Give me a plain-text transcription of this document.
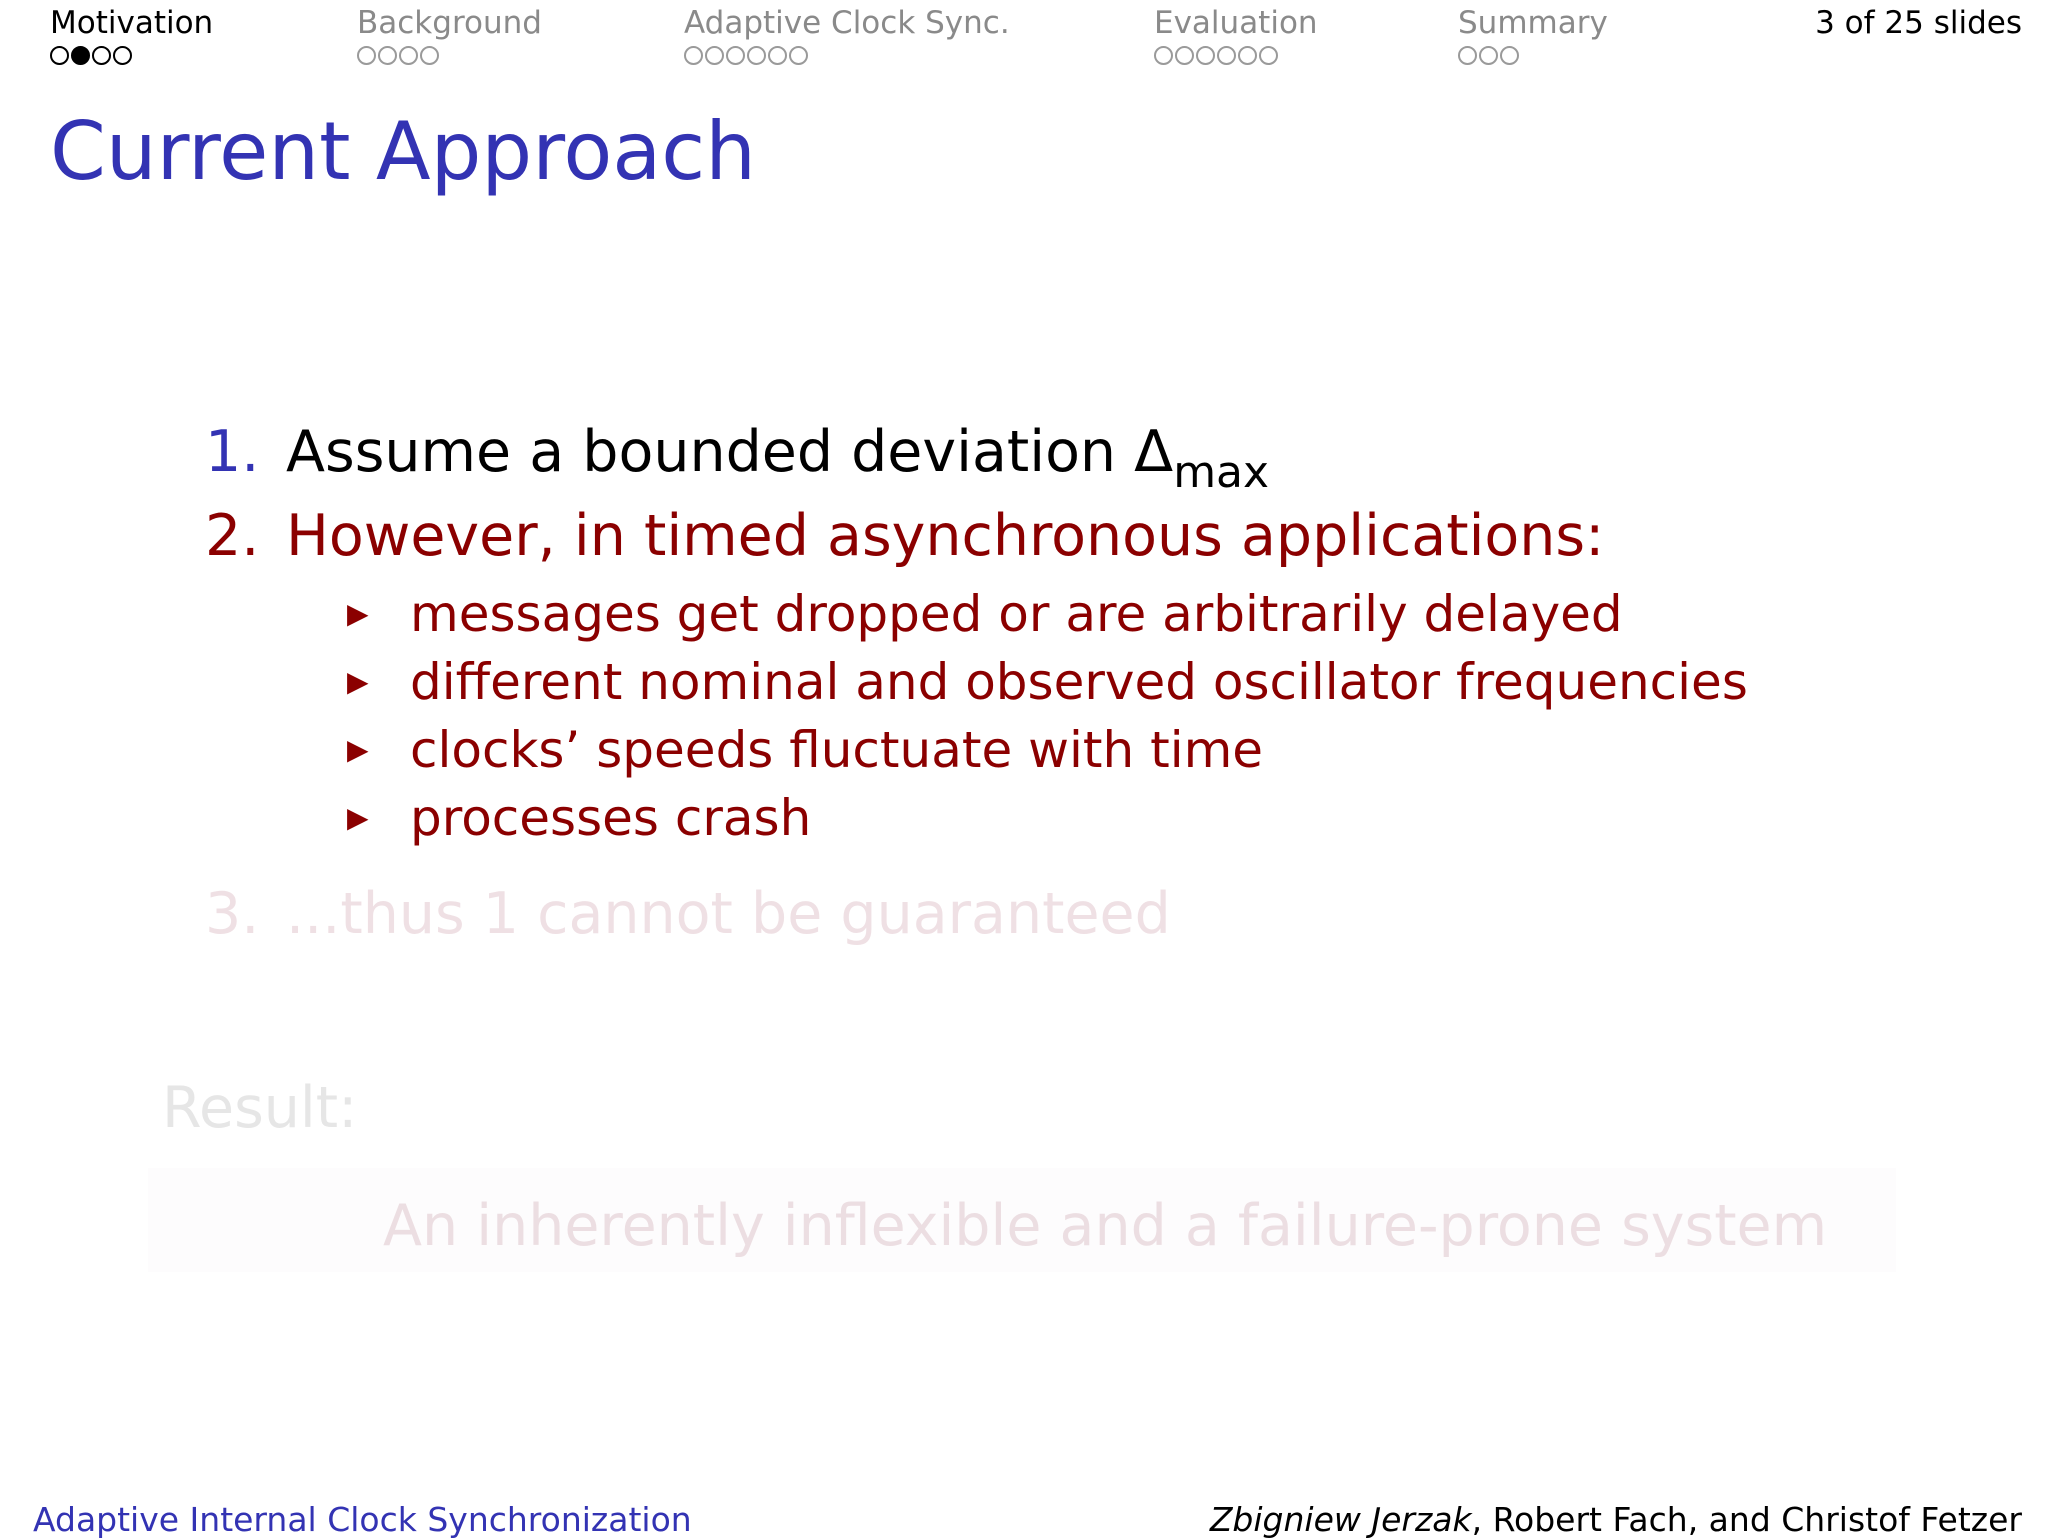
Motivation	Background	Adaptive Clock Sync.	Evaluation	Summary	3 of 25 slides
Current Approach
1. Assume a bounded deviation $\Delta_{max}$
2. However, in timed asynchronous applications:
▶ messages get dropped or are arbitrarily delayed
▶ different nominal and observed oscillator frequencies
▶ clocks’ speeds fluctuate with time
▶ processes crash
3. ...thus 1 cannot be guaranteed
Result:
An inherently inflexible and a failure-prone system
Adaptive Internal Clock Synchronization	Zbigniew Jerzak, Robert Fach, and Christof Fetzer
